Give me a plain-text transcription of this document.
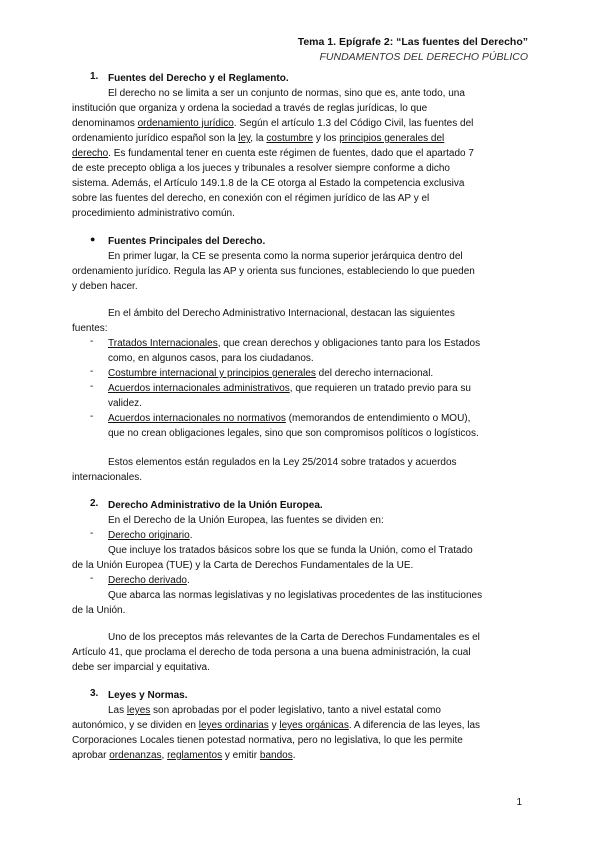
Tema 1. Epígrafe 2: “Las fuentes del Derecho”
FUNDAMENTOS DEL DERECHO PÚBLICO
1. Fuentes del Derecho y el Reglamento.
El derecho no se limita a ser un conjunto de normas, sino que es, ante todo, una
institución que organiza y ordena la sociedad a través de reglas jurídicas, lo que
denominamos ordenamiento jurídico. Según el artículo 1.3 del Código Civil, las fuentes del
ordenamiento jurídico español son la ley, la costumbre y los principios generales del
derecho. Es fundamental tener en cuenta este régimen de fuentes, dado que el apartado 7
de este precepto obliga a los jueces y tribunales a resolver siempre conforme a dicho
sistema. Además, el Artículo 149.1.8 de la CE otorga al Estado la competencia exclusiva
sobre las fuentes del derecho, en conexión con el régimen jurídico de las AP y el
procedimiento administrativo común.
● Fuentes Principales del Derecho.
En primer lugar, la CE se presenta como la norma superior jerárquica dentro del
ordenamiento jurídico. Regula las AP y orienta sus funciones, estableciendo lo que pueden
y deben hacer.
En el ámbito del Derecho Administrativo Internacional, destacan las siguientes
fuentes:
- Tratados Internacionales, que crean derechos y obligaciones tanto para los Estados
como, en algunos casos, para los ciudadanos.
- Costumbre internacional y principios generales del derecho internacional.
- Acuerdos internacionales administrativos, que requieren un tratado previo para su
validez.
- Acuerdos internacionales no normativos (memorandos de entendimiento o MOU),
que no crean obligaciones legales, sino que son compromisos políticos o logísticos.
Estos elementos están regulados en la Ley 25/2014 sobre tratados y acuerdos
internacionales.
2. Derecho Administrativo de la Unión Europea.
En el Derecho de la Unión Europea, las fuentes se dividen en:
- Derecho originario.
Que incluye los tratados básicos sobre los que se funda la Unión, como el Tratado
de la Unión Europea (TUE) y la Carta de Derechos Fundamentales de la UE.
- Derecho derivado.
Que abarca las normas legislativas y no legislativas procedentes de las instituciones
de la Unión.
Uno de los preceptos más relevantes de la Carta de Derechos Fundamentales es el
Artículo 41, que proclama el derecho de toda persona a una buena administración, la cual
debe ser imparcial y equitativa.
3. Leyes y Normas.
Las leyes son aprobadas por el poder legislativo, tanto a nivel estatal como
autonómico, y se dividen en leyes ordinarias y leyes orgánicas. A diferencia de las leyes, las
Corporaciones Locales tienen potestad normativa, pero no legislativa, lo que les permite
aprobar ordenanzas, reglamentos y emitir bandos.
1
